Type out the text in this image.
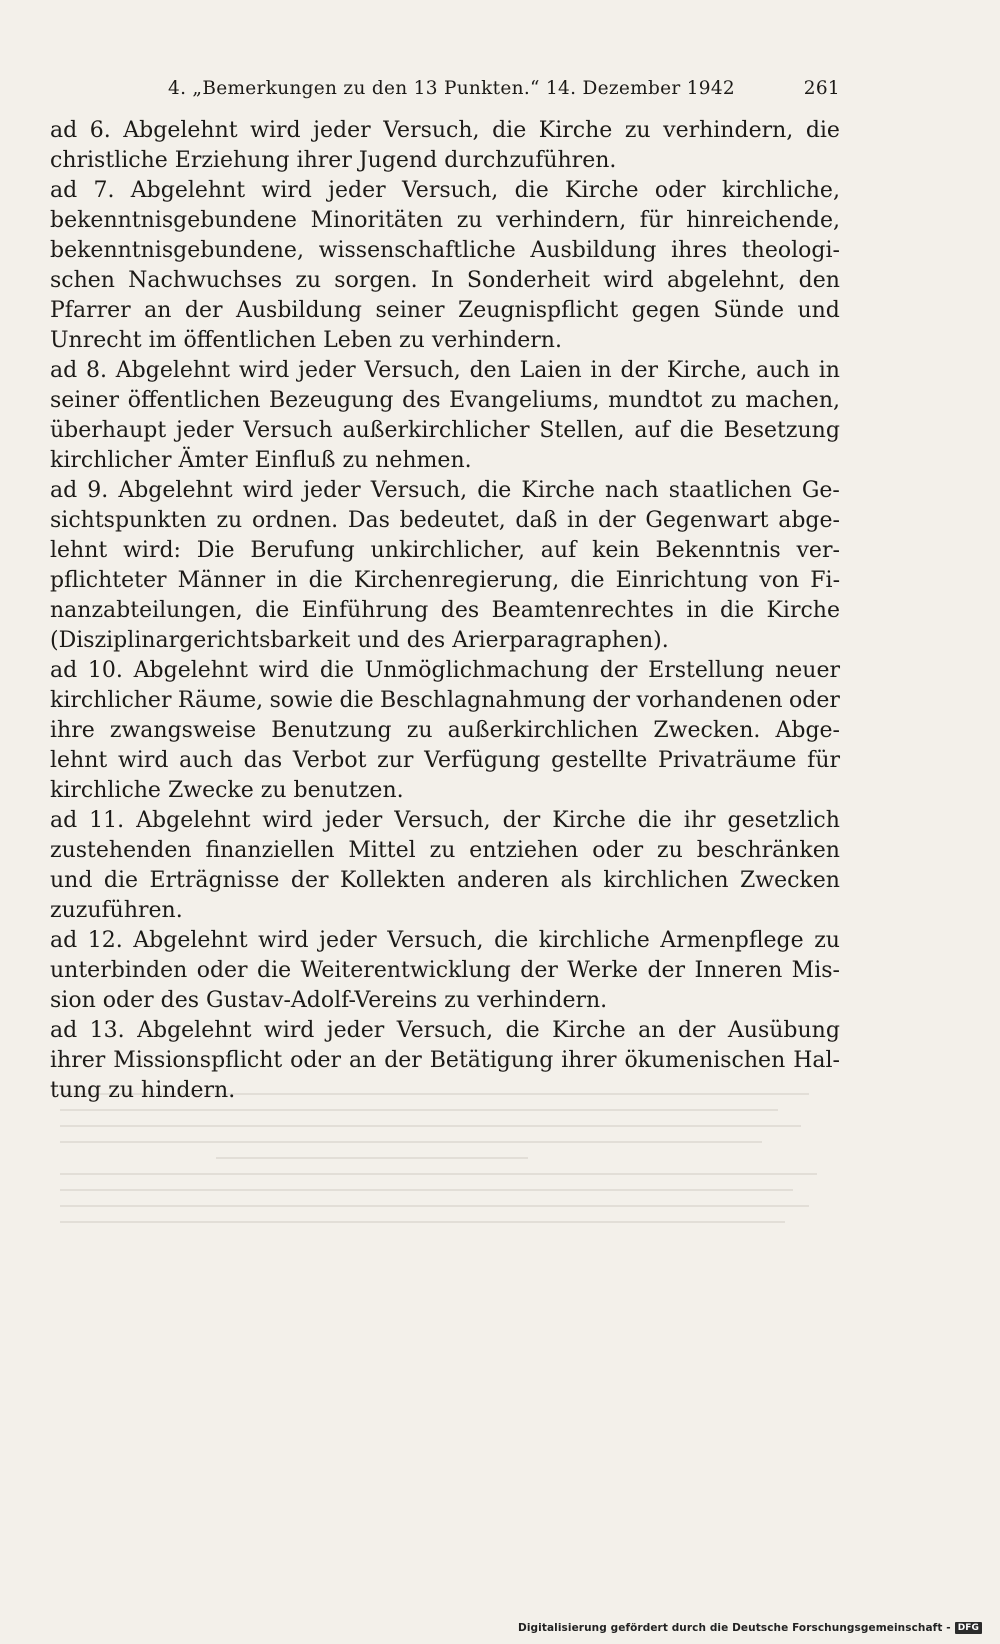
4. „Bemerkungen zu den 13 Punkten.“ 14. Dezember 1942	261
ad 6. Abgelehnt wird jeder Versuch, die Kirche zu verhindern, die
christliche Erziehung ihrer Jugend durchzuführen.
ad 7. Abgelehnt wird jeder Versuch, die Kirche oder kirchliche,
bekenntnisgebundene Minoritäten zu verhindern, für hinreichende,
bekenntnisgebundene, wissenschaftliche Ausbildung ihres theologi-
schen Nachwuchses zu sorgen. In Sonderheit wird abgelehnt, den
Pfarrer an der Ausbildung seiner Zeugnispflicht gegen Sünde und
Unrecht im öffentlichen Leben zu verhindern.
ad 8. Abgelehnt wird jeder Versuch, den Laien in der Kirche, auch in
seiner öffentlichen Bezeugung des Evangeliums, mundtot zu machen,
überhaupt jeder Versuch außerkirchlicher Stellen, auf die Besetzung
kirchlicher Ämter Einfluß zu nehmen.
ad 9. Abgelehnt wird jeder Versuch, die Kirche nach staatlichen Ge-
sichtspunkten zu ordnen. Das bedeutet, daß in der Gegenwart abge-
lehnt wird: Die Berufung unkirchlicher, auf kein Bekenntnis ver-
pflichteter Männer in die Kirchenregierung, die Einrichtung von Fi-
nanzabteilungen, die Einführung des Beamtenrechtes in die Kirche
(Disziplinargerichtsbarkeit und des Arierparagraphen).
ad 10. Abgelehnt wird die Unmöglichmachung der Erstellung neuer
kirchlicher Räume, sowie die Beschlagnahmung der vorhandenen oder
ihre zwangsweise Benutzung zu außerkirchlichen Zwecken. Abge-
lehnt wird auch das Verbot zur Verfügung gestellte Privaträume für
kirchliche Zwecke zu benutzen.
ad 11. Abgelehnt wird jeder Versuch, der Kirche die ihr gesetzlich
zustehenden finanziellen Mittel zu entziehen oder zu beschränken
und die Erträgnisse der Kollekten anderen als kirchlichen Zwecken
zuzuführen.
ad 12. Abgelehnt wird jeder Versuch, die kirchliche Armenpflege zu
unterbinden oder die Weiterentwicklung der Werke der Inneren Mis-
sion oder des Gustav-Adolf-Vereins zu verhindern.
ad 13. Abgelehnt wird jeder Versuch, die Kirche an der Ausübung
ihrer Missionspflicht oder an der Betätigung ihrer ökumenischen Hal-
tung zu hindern.
Digitalisierung gefördert durch die Deutsche Forschungsgemeinschaft - DFG
